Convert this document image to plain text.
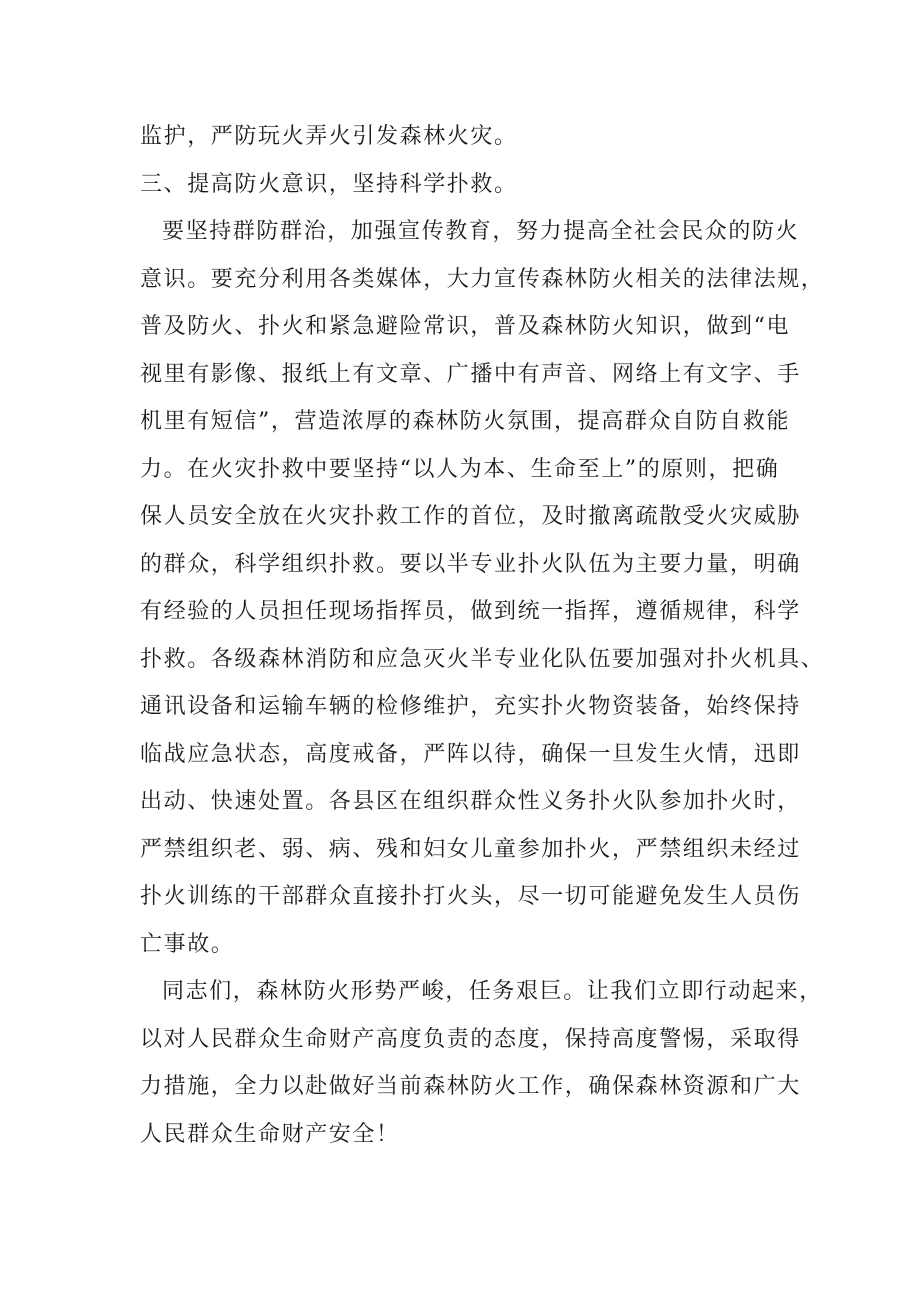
监护，严防玩火弄火引发森林火灾。
三、提高防火意识，坚持科学扑救。
要坚持群防群治，加强宣传教育，努力提高全社会民众的防火
意识。要充分利用各类媒体，大力宣传森林防火相关的法律法规，
普及防火、扑火和紧急避险常识，普及森林防火知识，做到“电
视里有影像、报纸上有文章、广播中有声音、网络上有文字、手
机里有短信”，营造浓厚的森林防火氛围，提高群众自防自救能
力。在火灾扑救中要坚持“以人为本、生命至上”的原则，把确
保人员安全放在火灾扑救工作的首位，及时撤离疏散受火灾威胁
的群众，科学组织扑救。要以半专业扑火队伍为主要力量，明确
有经验的人员担任现场指挥员，做到统一指挥，遵循规律，科学
扑救。各级森林消防和应急灭火半专业化队伍要加强对扑火机具、
通讯设备和运输车辆的检修维护，充实扑火物资装备，始终保持
临战应急状态，高度戒备，严阵以待，确保一旦发生火情，迅即
出动、快速处置。各县区在组织群众性义务扑火队参加扑火时，
严禁组织老、弱、病、残和妇女儿童参加扑火，严禁组织未经过
扑火训练的干部群众直接扑打火头，尽一切可能避免发生人员伤
亡事故。
同志们，森林防火形势严峻，任务艰巨。让我们立即行动起来，
以对人民群众生命财产高度负责的态度，保持高度警惕，采取得
力措施，全力以赴做好当前森林防火工作，确保森林资源和广大
人民群众生命财产安全！
